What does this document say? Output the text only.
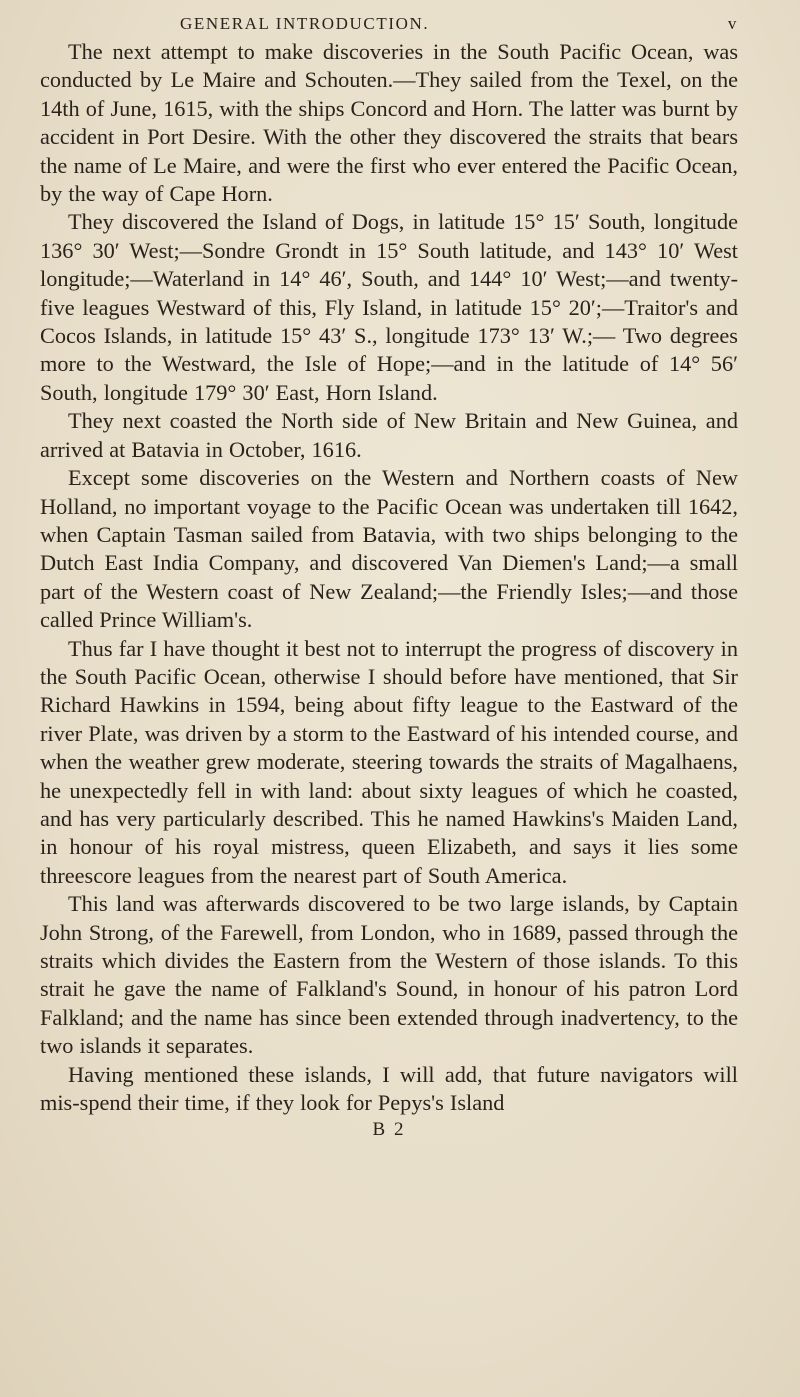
GENERAL INTRODUCTION.	v

The next attempt to make discoveries in the South Pacific Ocean, was conducted by Le Maire and Schouten.—They sailed from the Texel, on the 14th of June, 1615, with the ships Concord and Horn. The latter was burnt by accident in Port Desire. With the other they discovered the straits that bears the name of Le Maire, and were the first who ever entered the Pacific Ocean, by the way of Cape Horn.

They discovered the Island of Dogs, in latitude 15° 15′ South, longitude 136° 30′ West;—Sondre Grondt in 15° South latitude, and 143° 10′ West longitude;—Waterland in 14° 46′, South, and 144° 10′ West;—and twenty-five leagues Westward of this, Fly Island, in latitude 15° 20′;—Traitor's and Cocos Islands, in latitude 15° 43′ S., longitude 173° 13′ W.;— Two degrees more to the Westward, the Isle of Hope;—and in the latitude of 14° 56′ South, longitude 179° 30′ East, Horn Island.

They next coasted the North side of New Britain and New Guinea, and arrived at Batavia in October, 1616.

Except some discoveries on the Western and Northern coasts of New Holland, no important voyage to the Pacific Ocean was undertaken till 1642, when Captain Tasman sailed from Batavia, with two ships belonging to the Dutch East India Company, and discovered Van Diemen's Land;—a small part of the Western coast of New Zealand;—the Friendly Isles;—and those called Prince William's.

Thus far I have thought it best not to interrupt the progress of discovery in the South Pacific Ocean, otherwise I should before have mentioned, that Sir Richard Hawkins in 1594, being about fifty league to the Eastward of the river Plate, was driven by a storm to the Eastward of his intended course, and when the weather grew moderate, steering towards the straits of Magalhaens, he unexpectedly fell in with land: about sixty leagues of which he coasted, and has very particularly described. This he named Hawkins's Maiden Land, in honour of his royal mistress, queen Elizabeth, and says it lies some threescore leagues from the nearest part of South America.

This land was afterwards discovered to be two large islands, by Captain John Strong, of the Farewell, from London, who in 1689, passed through the straits which divides the Eastern from the Western of those islands. To this strait he gave the name of Falkland's Sound, in honour of his patron Lord Falkland; and the name has since been extended through inadvertency, to the two islands it separates.

Having mentioned these islands, I will add, that future navigators will mis-spend their time, if they look for Pepys's Island

B 2
